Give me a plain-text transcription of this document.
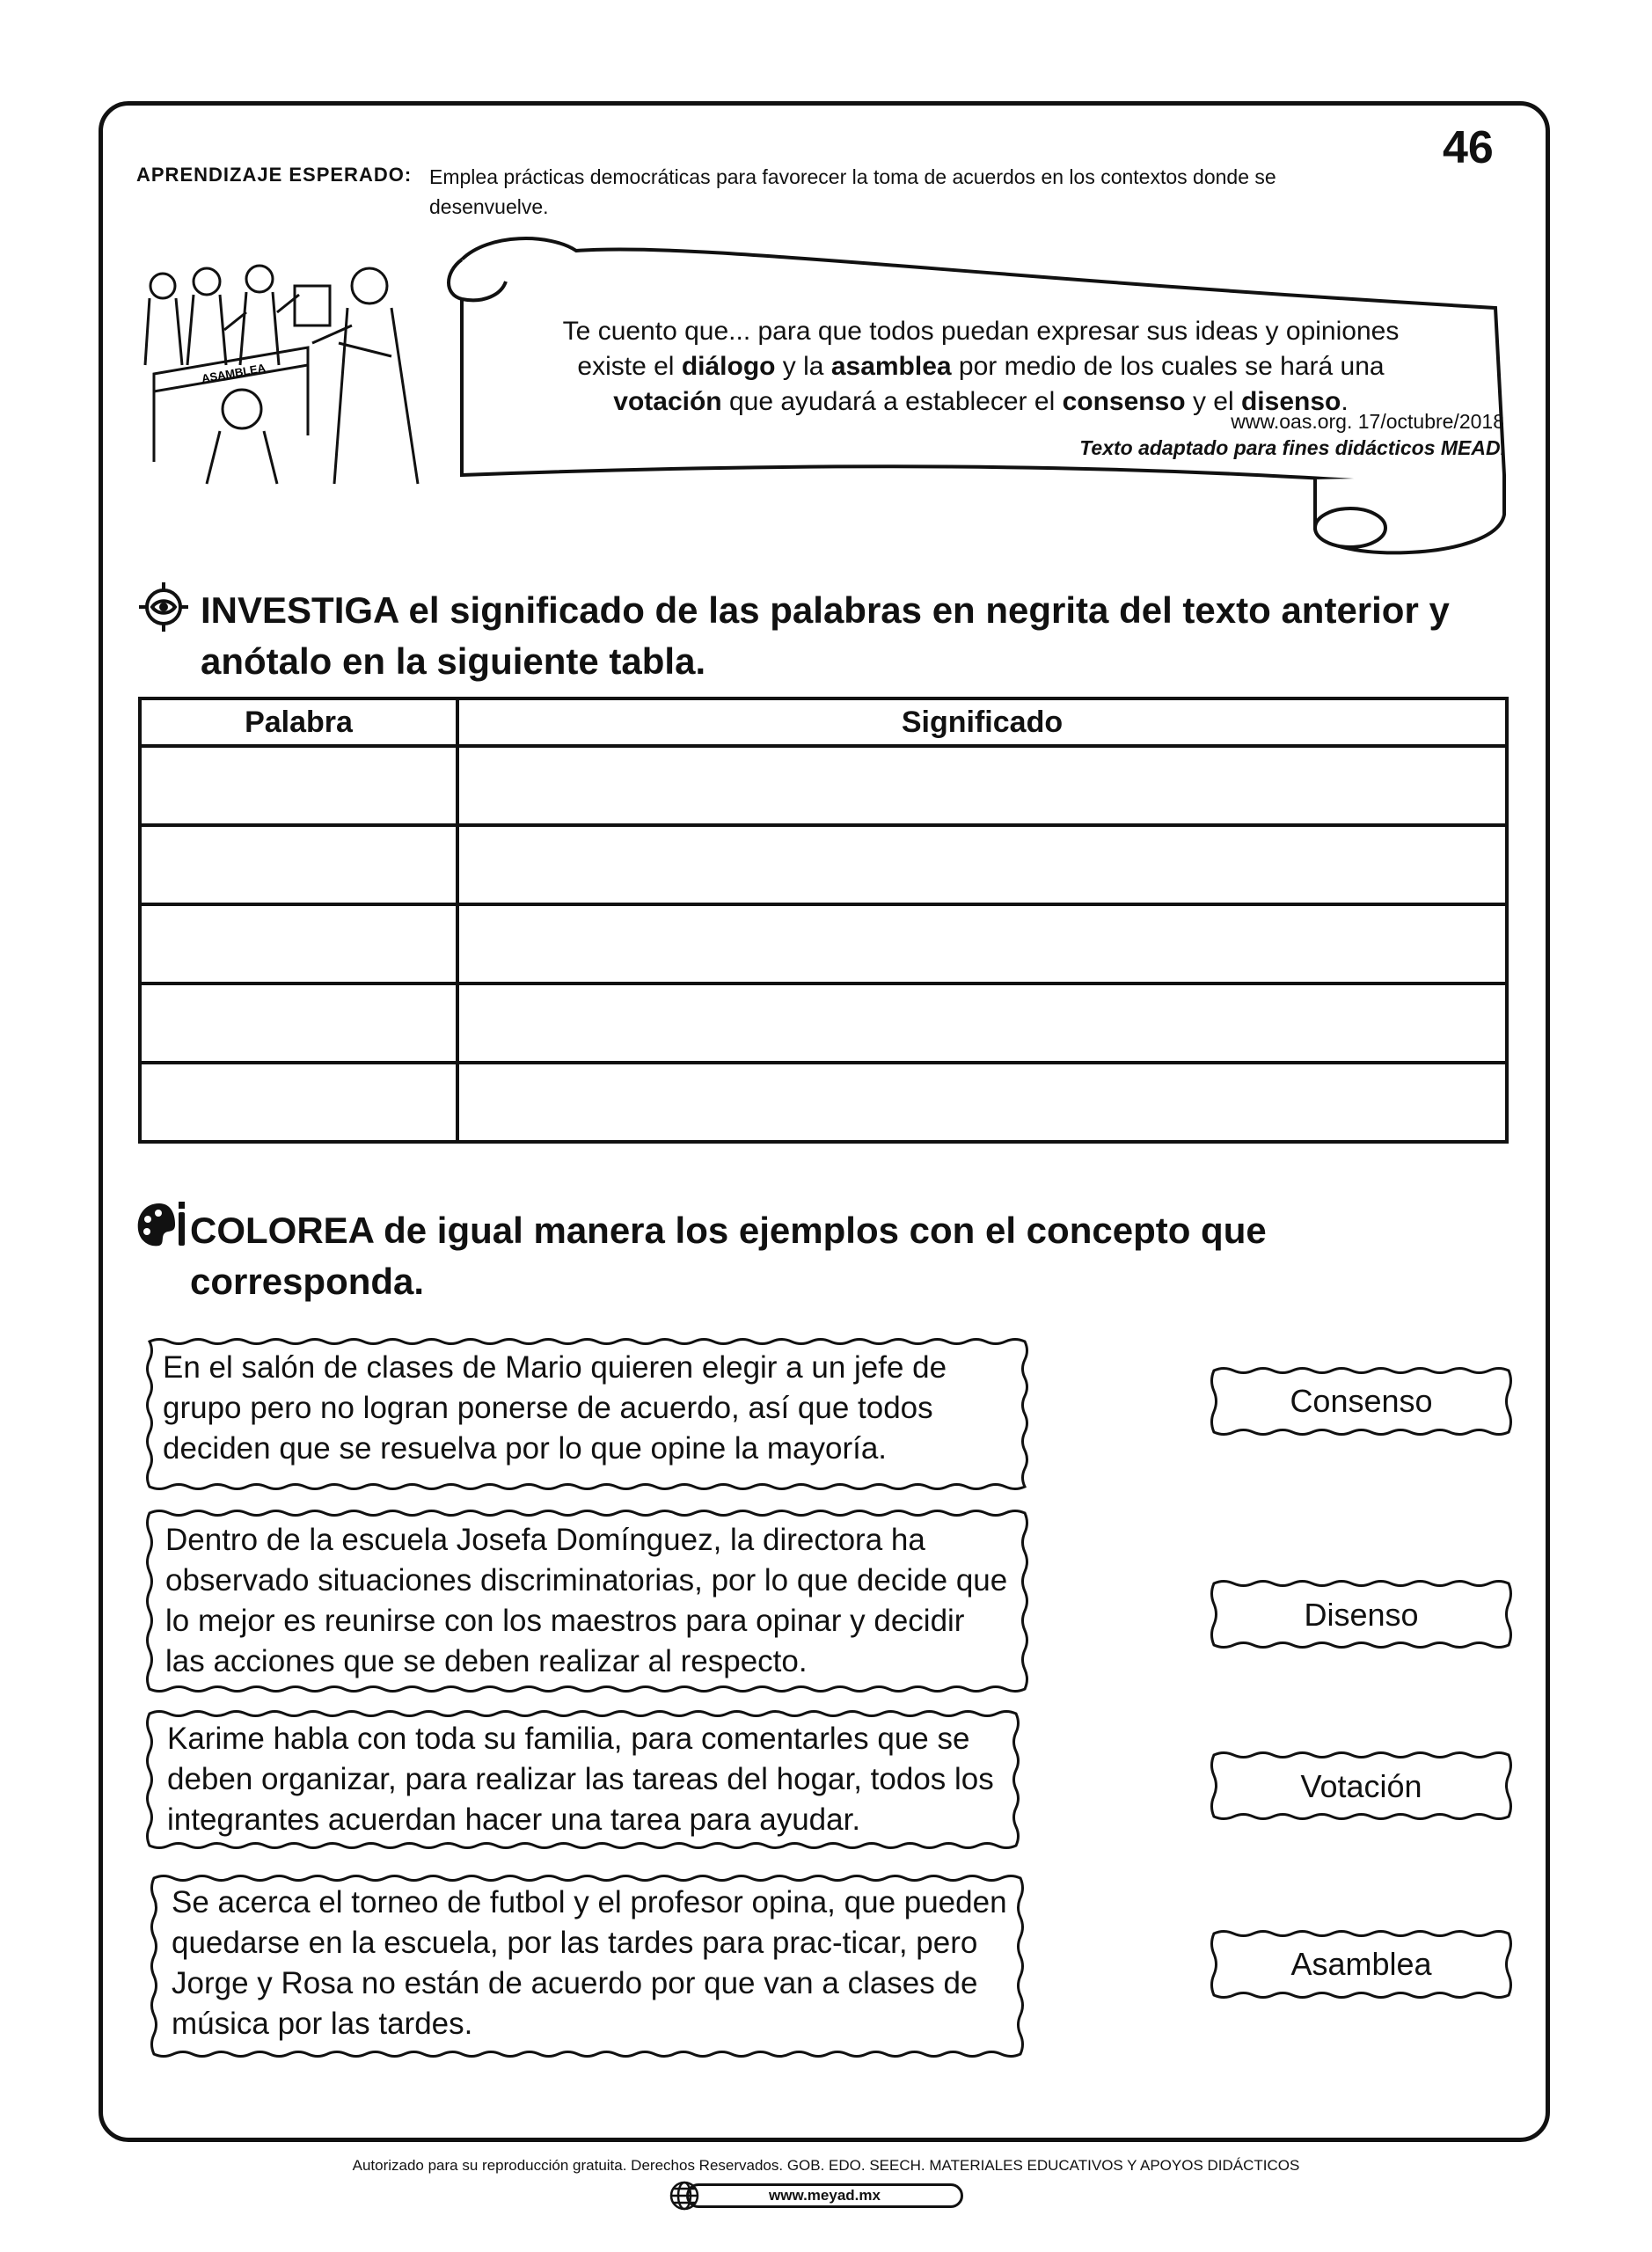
46
APRENDIZAJE ESPERADO: Emplea prácticas democráticas para favorecer la toma de acuerdos en los contextos donde se desenvuelve.
ASAMBLEA
Te cuento que... para que todos puedan expresar sus ideas y opiniones
existe el diálogo y la asamblea por medio de los cuales se hará una
votación que ayudará a establecer el consenso y el disenso.
www.oas.org. 17/octubre/2018
Texto adaptado para fines didácticos MEAD.
INVESTIGA el significado de las palabras en negrita del texto anterior y anótalo en la siguiente tabla.
Palabra	Significado

COLOREA de igual manera los ejemplos con el concepto que corresponda.
En el salón de clases de Mario quieren elegir a un jefe de grupo pero no logran ponerse de acuerdo, así que todos deciden que se resuelva por lo que opine la mayoría.
Dentro de la escuela Josefa Domínguez, la directora ha observado situaciones discriminatorias, por lo que decide que lo mejor es reunirse con los maestros para opinar y decidir las acciones que se deben realizar al respecto.
Karime habla con toda su familia, para comentarles que se deben organizar, para realizar las tareas del hogar, todos los integrantes acuerdan hacer una tarea para ayudar.
Se acerca el torneo de futbol y el profesor opina, que pueden quedarse en la escuela, por las tardes para prac-ticar, pero Jorge y Rosa no están de acuerdo por que van a clases de música por las tardes.
Consenso
Disenso
Votación
Asamblea
Autorizado para su reproducción gratuita. Derechos Reservados. GOB. EDO. SEECH. MATERIALES EDUCATIVOS Y APOYOS DIDÁCTICOS
www.meyad.mx
